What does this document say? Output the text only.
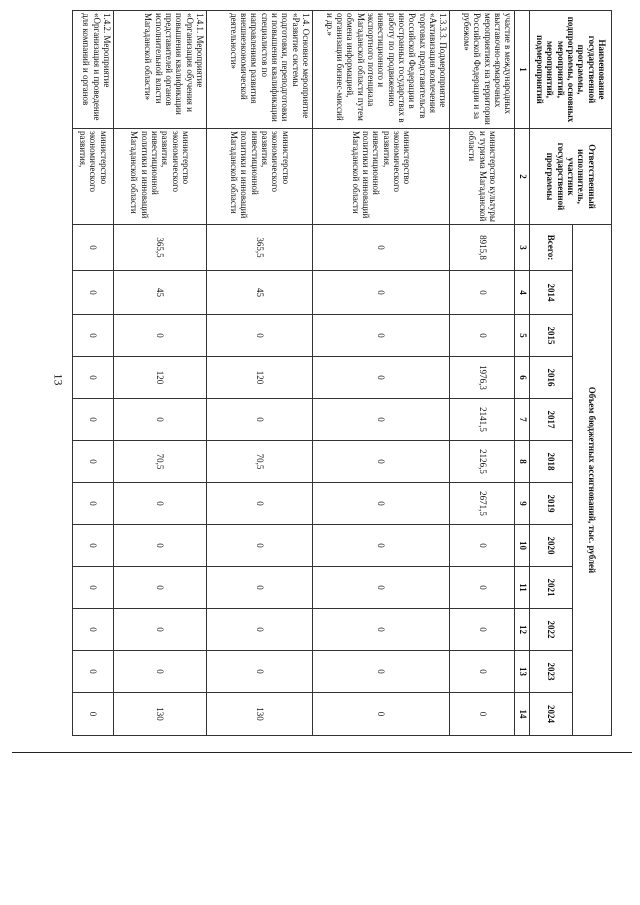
13
Наименование государственной программы, подпрограммы, основных мероприятий, мероприятий, подмероприятий	Ответственный исполнитель, участник государственной программы	Объем бюджетных ассигнований, тыс. рублей											
		Всего:	2014	2015	2016	2017	2018	2019	2020	2021	2022	2023	2024
1	2	3	4	5	6	7	8	9	10	11	12	13	14
участие в международных выставочно-ярмарочных мероприятиях на территории Российской Федерации и за рубежом»	министерство культуры и туризма Магаданской области	8915,8	0	0	1976,3	2141,5	2126,5	2671,5	0	0	0	0	0
1.3.3.3. Подмероприятие «Активизация вовлечения торговых представительств Российской Федерации в иностранных государствах в работу по продвижению инвестиционного и экспортного потенциала Магаданской области путем обмена информацией, организации бизнес-миссий и др.»	министерство экономического развития, инвестиционной политики и инноваций Магаданской области	0	0	0	0	0	0	0	0	0	0	0	0
1.4. Основное мероприятие «Развитие системы подготовки, переподготовки и повышения квалификации специалистов по направлениям развития внешнеэкономической деятельности»	министерство экономического развития, инвестиционной политики и инноваций Магаданской области	365,5	45	0	120	0	70,5	0	0	0	0	0	130
1.4.1. Мероприятие «Организация обучения и повышения квалификации представителей органов исполнительной власти Магаданской области»	министерство экономического развития, инвестиционной политики и инноваций Магаданской области	365,5	45	0	120	0	70,5	0	0	0	0	0	130
1.4.2. Мероприятие «Организация и проведение для компаний и органов	министерство экономического развития,	0	0	0	0	0	0	0	0	0	0	0	0
